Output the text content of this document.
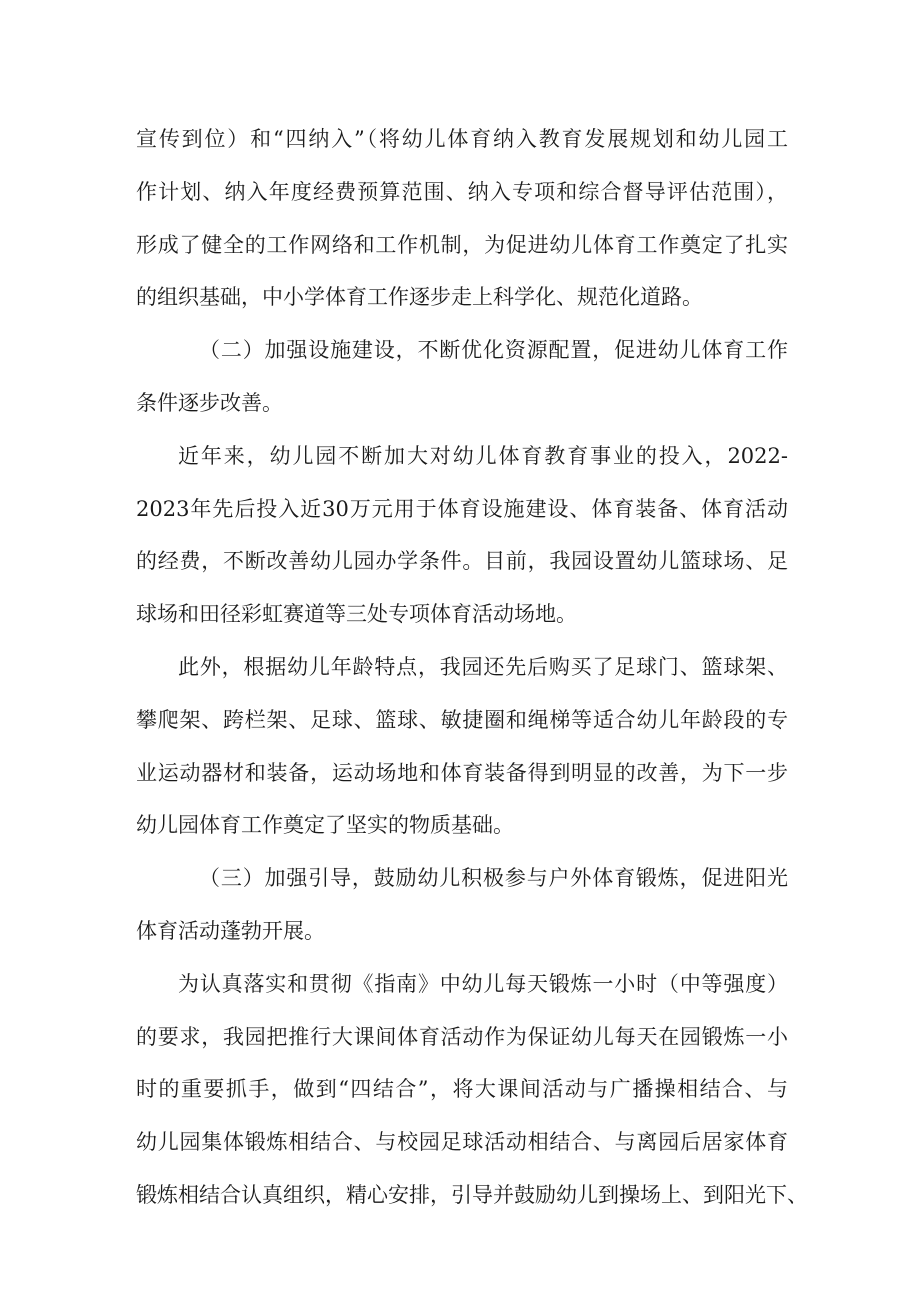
宣传到位）和“四纳入”（将幼儿体育纳入教育发展规划和幼儿园工
作计划、纳入年度经费预算范围、纳入专项和综合督导评估范围），
形成了健全的工作网络和工作机制，为促进幼儿体育工作奠定了扎实
的组织基础，中小学体育工作逐步走上科学化、规范化道路。
（二）加强设施建设，不断优化资源配置，促进幼儿体育工作
条件逐步改善。
近年来，幼儿园不断加大对幼儿体育教育事业的投入，2022-
2023年先后投入近30万元用于体育设施建设、体育装备、体育活动
的经费，不断改善幼儿园办学条件。目前，我园设置幼儿篮球场、足
球场和田径彩虹赛道等三处专项体育活动场地。
此外，根据幼儿年龄特点，我园还先后购买了足球门、篮球架、
攀爬架、跨栏架、足球、篮球、敏捷圈和绳梯等适合幼儿年龄段的专
业运动器材和装备，运动场地和体育装备得到明显的改善，为下一步
幼儿园体育工作奠定了坚实的物质基础。
（三）加强引导，鼓励幼儿积极参与户外体育锻炼，促进阳光
体育活动蓬勃开展。
为认真落实和贯彻《指南》中幼儿每天锻炼一小时（中等强度）
的要求，我园把推行大课间体育活动作为保证幼儿每天在园锻炼一小
时的重要抓手，做到“四结合”，将大课间活动与广播操相结合、与
幼儿园集体锻炼相结合、与校园足球活动相结合、与离园后居家体育
锻炼相结合认真组织，精心安排，引导并鼓励幼儿到操场上、到阳光下、
